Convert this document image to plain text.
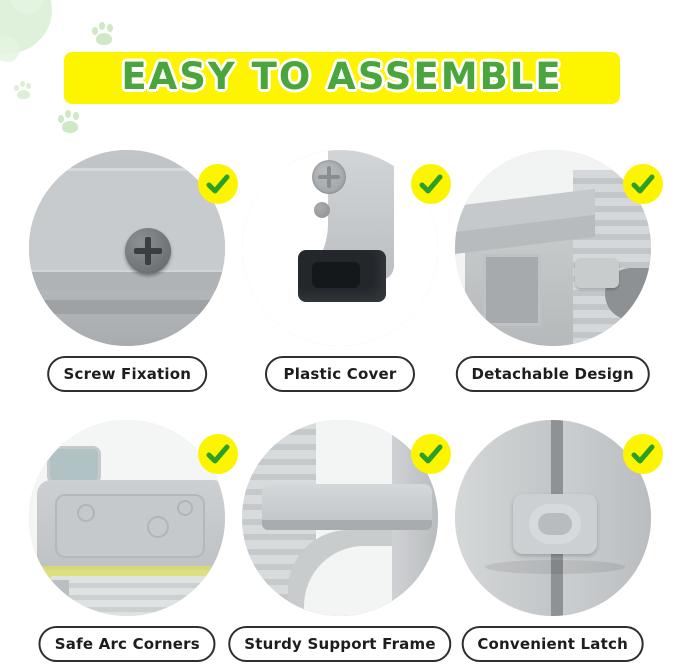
EASY TO ASSEMBLE
Screw Fixation	Plastic Cover	Detachable Design
Safe Arc Corners	Sturdy Support Frame	Convenient Latch
